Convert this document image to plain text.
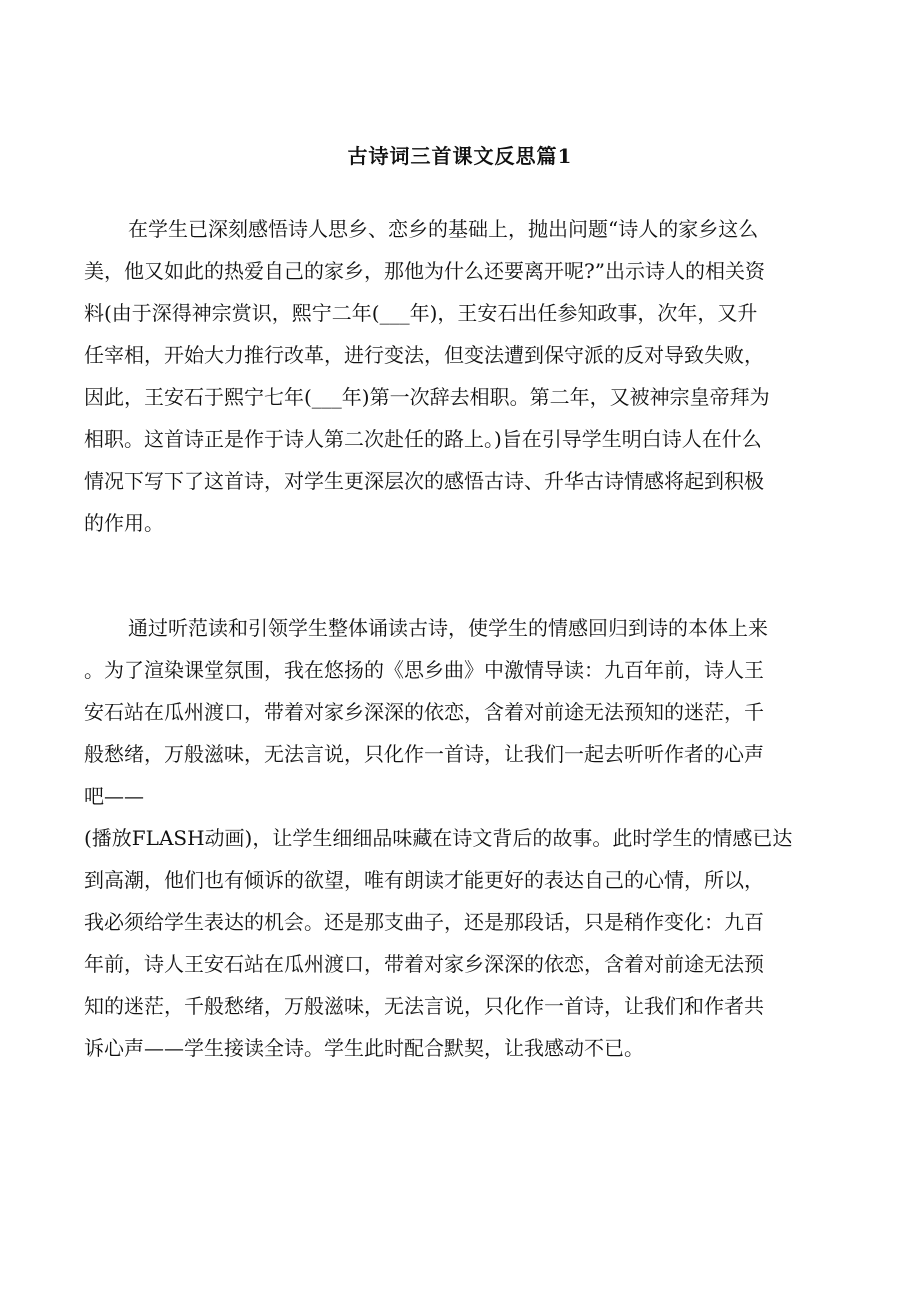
古诗词三首课文反思篇1
在学生已深刻感悟诗人思乡、恋乡的基础上，抛出问题“诗人的家乡这么
美，他又如此的热爱自己的家乡，那他为什么还要离开呢?”出示诗人的相关资
料(由于深得神宗赏识，熙宁二年(___年)，王安石出任参知政事，次年，又升
任宰相，开始大力推行改革，进行变法，但变法遭到保守派的反对导致失败，
因此，王安石于熙宁七年(___年)第一次辞去相职。第二年，又被神宗皇帝拜为
相职。这首诗正是作于诗人第二次赴任的路上。)旨在引导学生明白诗人在什么
情况下写下了这首诗，对学生更深层次的感悟古诗、升华古诗情感将起到积极
的作用。
通过听范读和引领学生整体诵读古诗，使学生的情感回归到诗的本体上来
。为了渲染课堂氛围，我在悠扬的《思乡曲》中激情导读：九百年前，诗人王
安石站在瓜州渡口，带着对家乡深深的依恋，含着对前途无法预知的迷茫，千
般愁绪，万般滋味，无法言说，只化作一首诗，让我们一起去听听作者的心声
吧——
(播放FLASH动画)，让学生细细品味藏在诗文背后的故事。此时学生的情感已达
到高潮，他们也有倾诉的欲望，唯有朗读才能更好的表达自己的心情，所以，
我必须给学生表达的机会。还是那支曲子，还是那段话，只是稍作变化：九百
年前，诗人王安石站在瓜州渡口，带着对家乡深深的依恋，含着对前途无法预
知的迷茫，千般愁绪，万般滋味，无法言说，只化作一首诗，让我们和作者共
诉心声——学生接读全诗。学生此时配合默契，让我感动不已。
